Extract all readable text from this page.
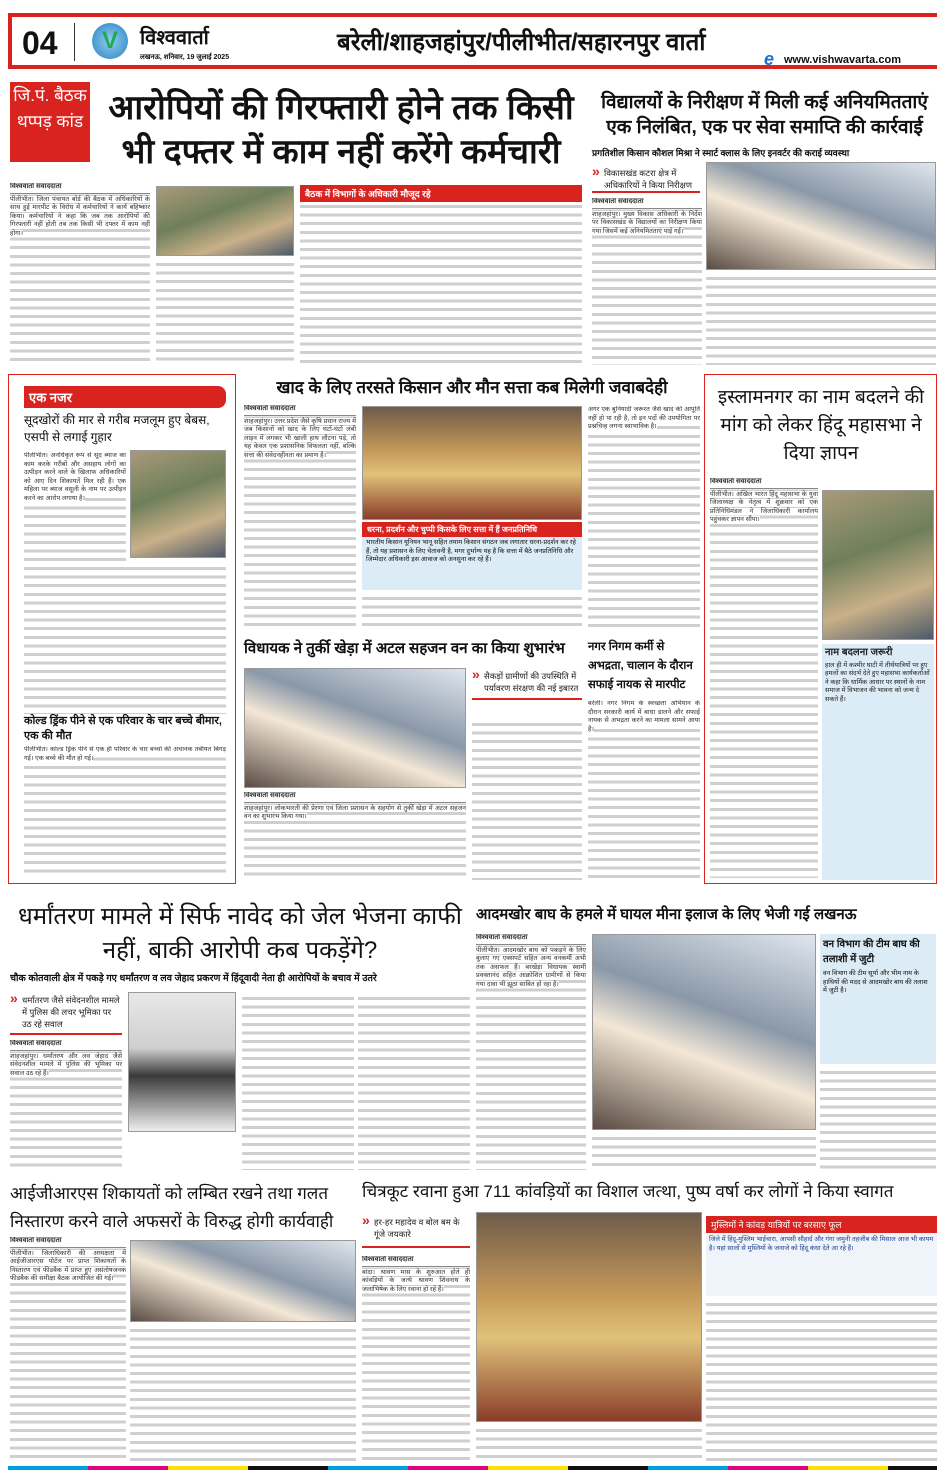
04	V	विश्ववार्ता
लखनऊ, शनिवार, 19 जुलाई 2025
बरेली/शाहजहांपुर/पीलीभीत/सहारनपुर वार्ता
e www.vishwavarta.com
जि.पं. बैठक थप्पड़ कांड आरोपियों की गिरफ्तारी होने तक किसी भी दफ्तर में काम नहीं करेंगे कर्मचारी
विश्ववार्ता संवाददाता
पीलीभीत। जिला पंचायत बोर्ड की बैठक में अधिकारियों के साथ हुई मारपीट के विरोध में कर्मचारियों ने कार्य बहिष्कार किया। कर्मचारियों ने कहा कि जब तक आरोपियों की गिरफ्तारी नहीं होती तब तक किसी भी दफ्तर में काम नहीं होगा।
बैठक में विभागों के अधिकारी मौजूद रहे
विद्यालयों के निरीक्षण में मिली कई अनियमितताएं एक निलंबित, एक पर सेवा समाप्ति की कार्रवाई
प्रगतिशील किसान कौशल मिश्रा ने स्मार्ट क्लास के लिए इनवर्टर की कराई व्यवस्था
» विकासखंड कटरा क्षेत्र में अधिकारियों ने किया निरीक्षण
विश्ववार्ता संवाददाता
शाहजहांपुर। मुख्य विकास अधिकारी के निर्देश पर विकासखंड के विद्यालयों का निरीक्षण किया गया जिसमें कई अनियमितताएं पाई गईं।
एक नजर
सूदखोरों की मार से गरीब मजलूम हुए बेबस, एसपी से लगाई गुहार
पीलीभीत। अनधिकृत रूप से सूद ब्याज का काम करके गरीबों और असहाय लोगों का उत्पीड़न करने वाले के खिलाफ अधिकारियों को आए दिन शिकायतें मिल रही हैं। एक महिला पर ब्याज वसूली के नाम पर उत्पीड़न करने का आरोप लगाया है।
कोल्ड ड्रिंक पीने से एक परिवार के चार बच्चे बीमार, एक की मौत
पीलीभीत। कोल्ड ड्रिंक पीने से एक ही परिवार के चार बच्चों की अचानक तबीयत बिगड़ गई। एक बच्चे की मौत हो गई।
खाद के लिए तरसते किसान और मौन सत्ता कब मिलेगी जवाबदेही
विश्ववार्ता संवाददाता
शाहजहांपुर। उत्तर प्रदेश जैसे कृषि प्रधान राज्य में जब किसानों को खाद के लिए घंटों-घंटों लंबी लाइन में लगकर भी खाली हाथ लौटना पड़े, तो यह केवल एक प्रशासनिक विफलता नहीं, बल्कि सत्ता की संवेदनहीनता का प्रमाण है।
धरना, प्रदर्शन और चुप्पी किसके लिए सत्ता में हैं जनप्रतिनिधि
भारतीय किसान यूनियन भानू सहित तमाम किसान संगठन जब लगातार धरना-प्रदर्शन कर रहे हैं, तो यह प्रशासन के लिए चेतावनी है, मगर दुर्भाग्य यह है कि सत्ता में बैठे जनप्रतिनिधि और जिम्मेदार अधिकारी इस आवाज को अनसुना कर रहे हैं।
अगर एक बुनियादी जरूरत जैसे खाद की आपूर्ति नहीं हो पा रही है, तो इन पदों की उपयोगिता पर प्रश्नचिन्ह लगना स्वाभाविक है।
विधायक ने तुर्की खेड़ा में अटल सहजन वन का किया शुभारंभ
» सैकड़ों ग्रामीणों की उपस्थिति में पर्यावरण संरक्षण की नई इबारत
विश्ववार्ता संवाददाता
शाहजहांपुर। लोकभारती की प्रेरणा एवं जिला प्रशासन के सहयोग से तुर्की खेड़ा में अटल सहजन वन का शुभारंभ किया गया।
नगर निगम कर्मी से अभद्रता, चालान के दौरान सफाई नायक से मारपीट
बरेली। नगर निगम के स्वच्छता अभियान के दौरान सरकारी कार्य में बाधा डालने और सफाई नायक से अभद्रता करने का मामला सामने आया है।
इस्लामनगर का नाम बदलने की मांग को लेकर हिंदू महासभा ने दिया ज्ञापन
विश्ववार्ता संवाददाता
पीलीभीत। अखिल भारत हिंदू महासभा के युवा जिलाध्यक्ष के नेतृत्व में शुक्रवार को एक प्रतिनिधिमंडल ने जिलाधिकारी कार्यालय पहुंचकर ज्ञापन सौंपा।
नाम बदलना जरूरी
हाल ही में कश्मीर घाटी में तीर्थयात्रियों पर हुए हमलों का संदर्भ देते हुए महासभा कार्यकर्ताओं ने कहा कि धार्मिक आधार पर स्थानों के नाम समाज में विभाजन की भावना को जन्म दे सकते हैं।
धर्मांतरण मामले में सिर्फ नावेद को जेल भेजना काफी नहीं, बाकी आरोपी कब पकड़ेंगे?
चौक कोतवाली क्षेत्र में पकड़े गए धर्मांतरण व लव जेहाद प्रकरण में हिंदूवादी नेता ही आरोपियों के बचाव में उतरे
» धर्मांतरण जैसे संवेदनशील मामले में पुलिस की लचर भूमिका पर उठ रहे सवाल
विश्ववार्ता संवाददाता
शाहजहांपुर। धर्मांतरण और लव जेहाद जैसे संवेदनशील मामले में पुलिस की भूमिका पर सवाल उठ रहे हैं।
आदमखोर बाघ के हमले में घायल मीना इलाज के लिए भेजी गई लखनऊ
विश्ववार्ता संवाददाता
पीलीभीत। आदमखोर बाघ को पकड़ने के लिए बुलाए गए एक्सपर्ट सहित अन्य वनकर्मी अभी तक असफल हैं। बरखेड़ा विधायक स्वामी प्रवक्तानंद सहित आक्रोशित ग्रामीणों से किया गया दावा भी झूठा साबित हो रहा है।
वन विभाग की टीम बाघ की तलाशी में जुटी
वन विभाग की टीम सूर्या और भीम नाम के हाथियों की मदद से आदमखोर बाघ की तलाश में जुटी है।
आईजीआरएस शिकायतों को लम्बित रखने तथा गलत निस्तारण करने वाले अफसरों के विरुद्ध होगी कार्यवाही
विश्ववार्ता संवाददाता
पीलीभीत। जिलाधिकारी की अध्यक्षता में आईजीआरएस पोर्टल पर प्राप्त शिकायतों के निस्तारण एवं फीडबैक में प्राप्त हुए असंतोषजनक फीडबैक की समीक्षा बैठक आयोजित की गई।
चित्रकूट रवाना हुआ 711 कांवड़ियों का विशाल जत्था, पुष्प वर्षा कर लोगों ने किया स्वागत
» हर-हर महादेव व बोल बम के गूंजे जयकारे
विश्ववार्ता संवाददाता
बांदा। श्रावण मास के शुरुआत होते ही कांवड़ियों के जत्थे श्रावण शिवनाथ के जलाभिषेक के लिए रवाना हो रहे हैं।
मुस्लिमों ने कांवड़ यात्रियों पर बरसाए फूल
जिले में हिंदू-मुस्लिम भाईचारा, आपसी सौहार्द और गंगा जमुनी तहजीब की मिसाल आज भी कायम है। यहां सालों से मुस्लिमों के जनाजे को हिंदू कंधा देते आ रहे हैं।
